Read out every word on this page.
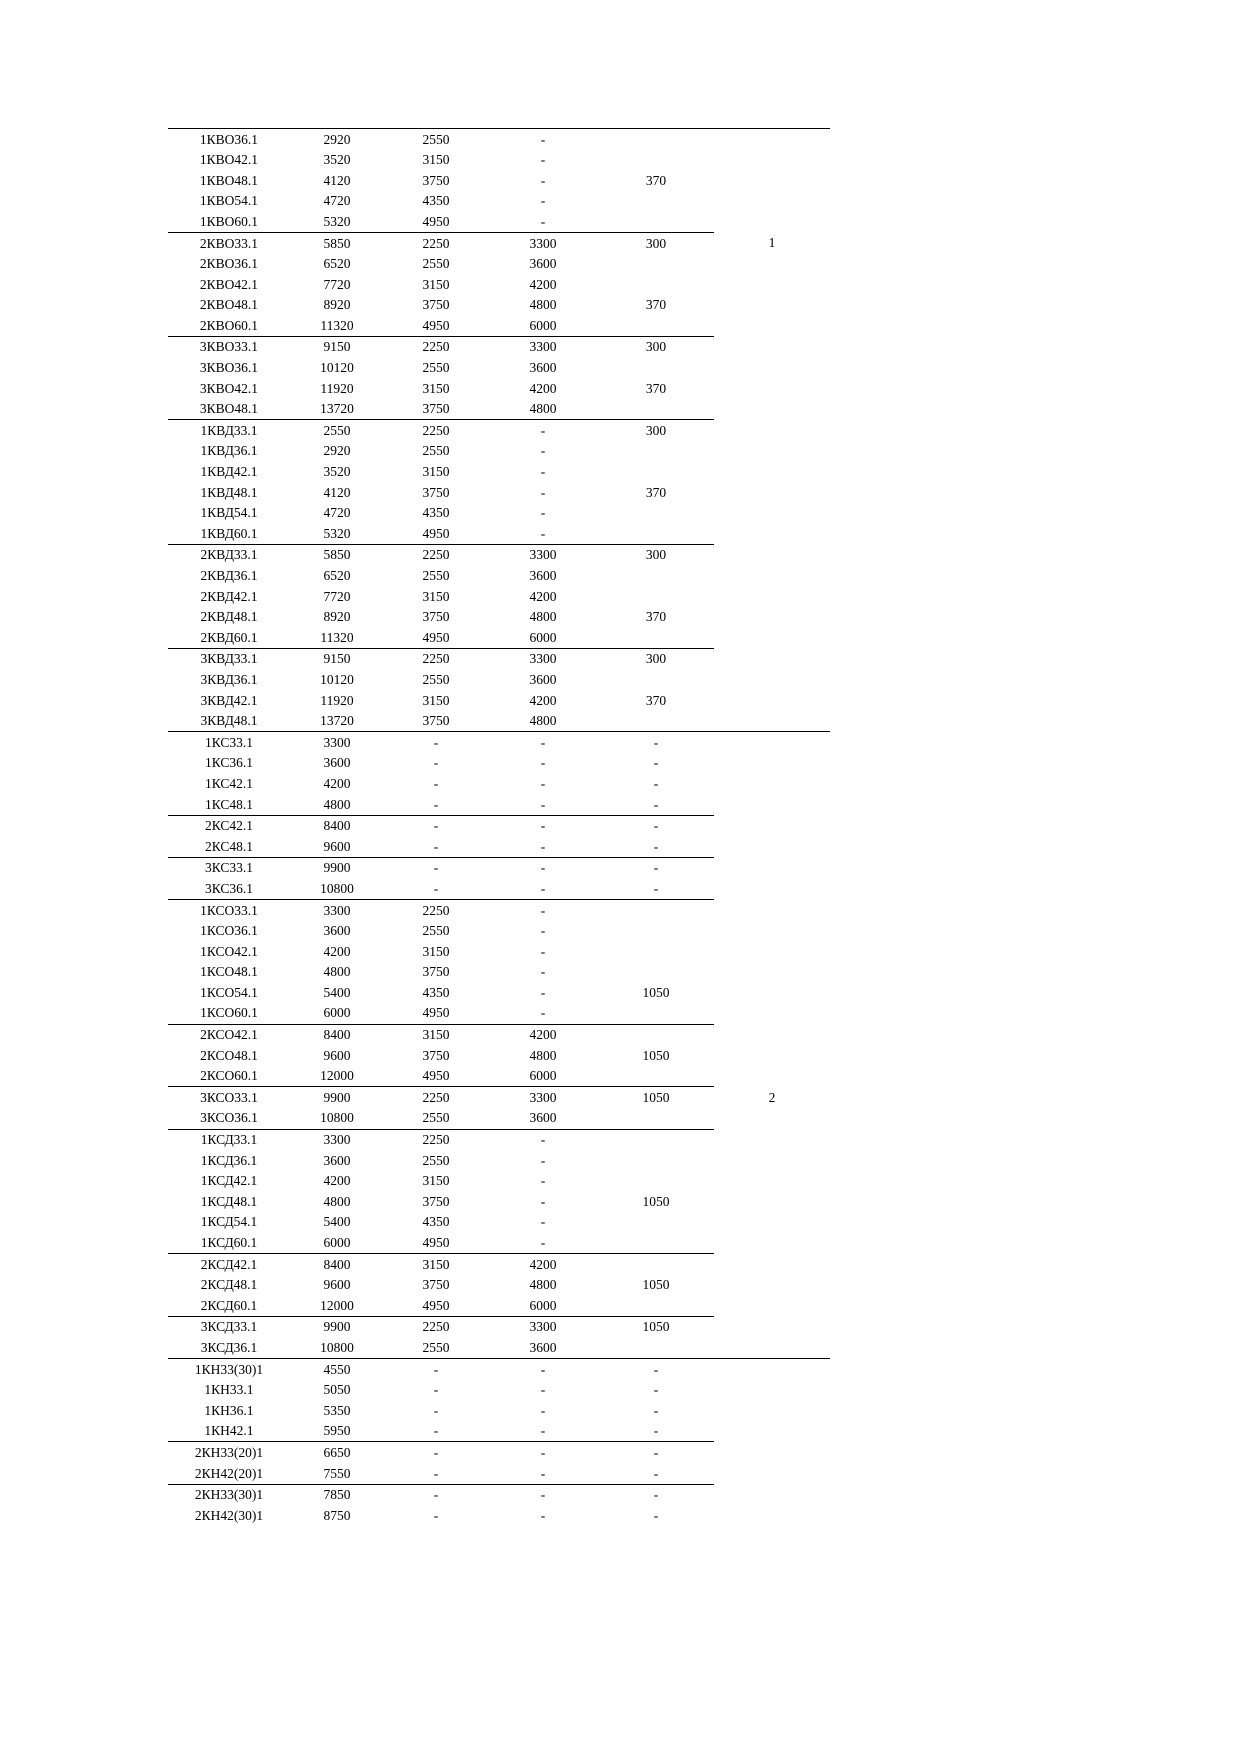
1КВО36.1	2920	2550	-		
1КВО42.1	3520	3150	-		
1КВО48.1	4120	3750	-	370	
1КВО54.1	4720	4350	-		
1КВО60.1	5320	4950	-		
2КВО33.1	5850	2250	3300	300	1
2КВО36.1	6520	2550	3600		
2КВО42.1	7720	3150	4200		
2КВО48.1	8920	3750	4800	370	
2КВО60.1	11320	4950	6000		
3КВО33.1	9150	2250	3300	300	
3КВО36.1	10120	2550	3600		
3КВО42.1	11920	3150	4200	370	
3КВО48.1	13720	3750	4800		
1КВД33.1	2550	2250	-	300	
1КВД36.1	2920	2550	-		
1КВД42.1	3520	3150	-		
1КВД48.1	4120	3750	-	370	
1КВД54.1	4720	4350	-		
1КВД60.1	5320	4950	-		
2КВД33.1	5850	2250	3300	300	
2КВД36.1	6520	2550	3600		
2КВД42.1	7720	3150	4200		
2КВД48.1	8920	3750	4800	370	
2КВД60.1	11320	4950	6000		
3КВД33.1	9150	2250	3300	300	
3КВД36.1	10120	2550	3600		
3КВД42.1	11920	3150	4200	370	
3КВД48.1	13720	3750	4800		
1КС33.1	3300	-	-	-	
1КС36.1	3600	-	-	-	
1КС42.1	4200	-	-	-	
1КС48.1	4800	-	-	-	
2КС42.1	8400	-	-	-	
2КС48.1	9600	-	-	-	
3КС33.1	9900	-	-	-	
3КС36.1	10800	-	-	-	
1КСО33.1	3300	2250	-		
1КСО36.1	3600	2550	-		
1КСО42.1	4200	3150	-		
1КСО48.1	4800	3750	-		
1КСО54.1	5400	4350	-	1050	
1КСО60.1	6000	4950	-		
2КСО42.1	8400	3150	4200		
2КСО48.1	9600	3750	4800	1050	
2КСО60.1	12000	4950	6000		
3КСО33.1	9900	2250	3300	1050	2
3КСО36.1	10800	2550	3600		
1КСД33.1	3300	2250	-		
1КСД36.1	3600	2550	-		
1КСД42.1	4200	3150	-		
1КСД48.1	4800	3750	-	1050	
1КСД54.1	5400	4350	-		
1КСД60.1	6000	4950	-		
2КСД42.1	8400	3150	4200		
2КСД48.1	9600	3750	4800	1050	
2КСД60.1	12000	4950	6000		
3КСД33.1	9900	2250	3300	1050	
3КСД36.1	10800	2550	3600		
1КН33(30)1	4550	-	-	-	
1КН33.1	5050	-	-	-	
1КН36.1	5350	-	-	-	
1КН42.1	5950	-	-	-	
2КН33(20)1	6650	-	-	-	
2КН42(20)1	7550	-	-	-	
2КН33(30)1	7850	-	-	-	
2КН42(30)1	8750	-	-	-	
